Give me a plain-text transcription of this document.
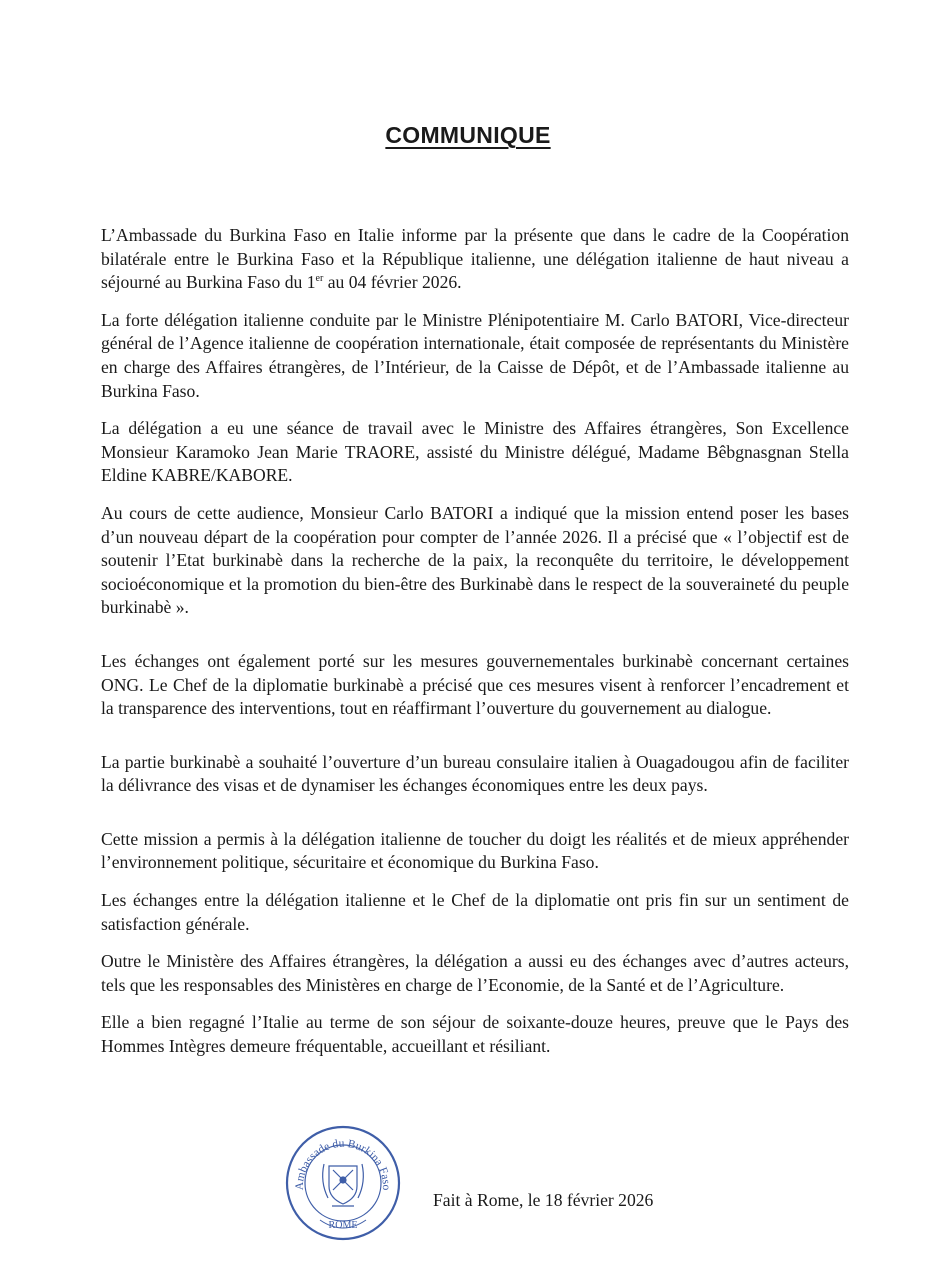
COMMUNIQUE

L’Ambassade du Burkina Faso en Italie informe par la présente que dans le cadre de la Coopération bilatérale entre le Burkina Faso et la République italienne, une délégation italienne de haut niveau a séjourné au Burkina Faso du 1er au 04 février 2026.

La forte délégation italienne conduite par le Ministre Plénipotentiaire M. Carlo BATORI, Vice-directeur général de l’Agence italienne de coopération internationale, était composée de représentants du Ministère en charge des Affaires étrangères, de l’Intérieur, de la Caisse de Dépôt, et de l’Ambassade italienne au Burkina Faso.

La délégation a eu une séance de travail avec le Ministre des Affaires étrangères, Son Excellence Monsieur Karamoko Jean Marie TRAORE, assisté du Ministre délégué, Madame Bêbgnasgnan Stella Eldine KABRE/KABORE.

Au cours de cette audience, Monsieur Carlo BATORI a indiqué que la mission entend poser les bases d’un nouveau départ de la coopération pour compter de l’année 2026. Il a précisé que « l’objectif est de soutenir l’Etat burkinabè dans la recherche de la paix, la reconquête du territoire, le développement socioéconomique et la promotion du bien-être des Burkinabè dans le respect de la souveraineté du peuple burkinabè ».

Les échanges ont également porté sur les mesures gouvernementales burkinabè concernant certaines ONG. Le Chef de la diplomatie burkinabè a précisé que ces mesures visent à renforcer l’encadrement et la transparence des interventions, tout en réaffirmant l’ouverture du gouvernement au dialogue.

La partie burkinabè a souhaité l’ouverture d’un bureau consulaire italien à Ouagadougou afin de faciliter la délivrance des visas et de dynamiser les échanges économiques entre les deux pays.

Cette mission a permis à la délégation italienne de toucher du doigt les réalités et de mieux appréhender l’environnement politique, sécuritaire et économique du Burkina Faso.

Les échanges entre la délégation italienne et le Chef de la diplomatie ont pris fin sur un sentiment de satisfaction générale.

Outre le Ministère des Affaires étrangères, la délégation a aussi eu des échanges avec d’autres acteurs, tels que les responsables des Ministères en charge de l’Economie, de la Santé et de l’Agriculture.

Elle a bien regagné l’Italie au terme de son séjour de soixante-douze heures, preuve que le Pays des Hommes Intègres demeure fréquentable, accueillant et résiliant.

Ambassade du Burkina Faso
ROME
Fait à Rome, le 18 février 2026
